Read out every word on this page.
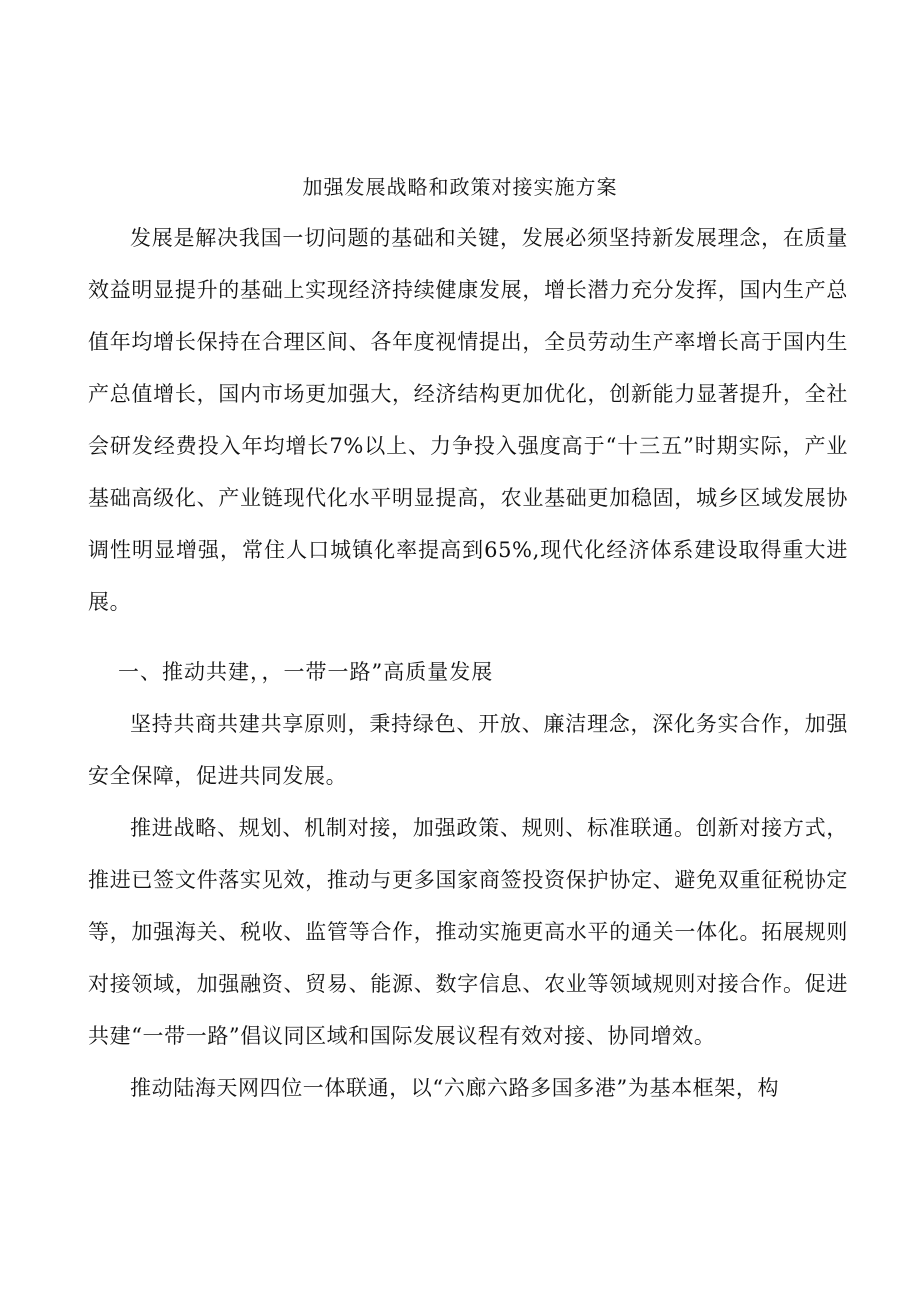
加强发展战略和政策对接实施方案

发展是解决我国一切问题的基础和关键，发展必须坚持新发展理念，在质量效益明显提升的基础上实现经济持续健康发展，增长潜力充分发挥，国内生产总值年均增长保持在合理区间、各年度视情提出，全员劳动生产率增长高于国内生产总值增长，国内市场更加强大，经济结构更加优化，创新能力显著提升，全社会研发经费投入年均增长7%以上、力争投入强度高于“十三五”时期实际，产业基础高级化、产业链现代化水平明显提高，农业基础更加稳固，城乡区域发展协调性明显增强，常住人口城镇化率提高到65%,现代化经济体系建设取得重大进展。

一、推动共建，，一带一路”高质量发展

坚持共商共建共享原则，秉持绿色、开放、廉洁理念，深化务实合作，加强安全保障，促进共同发展。

推进战略、规划、机制对接，加强政策、规则、标准联通。创新对接方式，推进已签文件落实见效，推动与更多国家商签投资保护协定、避免双重征税协定等，加强海关、税收、监管等合作，推动实施更高水平的通关一体化。拓展规则对接领域，加强融资、贸易、能源、数字信息、农业等领域规则对接合作。促进共建“一带一路”倡议同区域和国际发展议程有效对接、协同增效。

推动陆海天网四位一体联通，以“六廊六路多国多港”为基本框架，构
